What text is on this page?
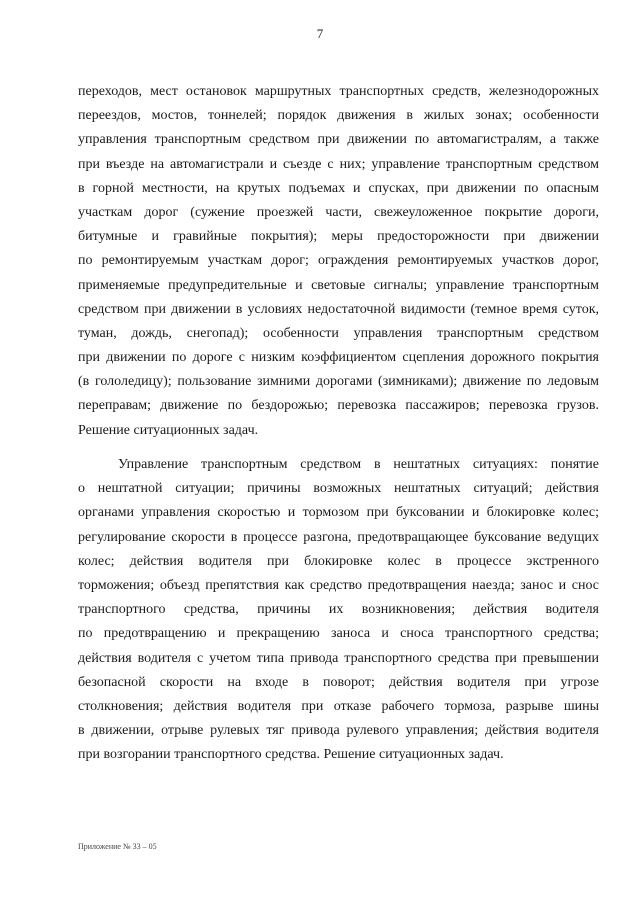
7

переходов, мест остановок маршрутных транспортных средств, железнодорожных
переездов, мостов, тоннелей; порядок движения в жилых зонах; особенности
управления транспортным средством при движении по автомагистралям, а также
при въезде на автомагистрали и съезде с них; управление транспортным средством
в горной местности, на крутых подъемах и спусках, при движении по опасным
участкам дорог (сужение проезжей части, свежеуложенное покрытие дороги,
битумные и гравийные покрытия); меры предосторожности при движении
по ремонтируемым участкам дорог; ограждения ремонтируемых участков дорог,
применяемые предупредительные и световые сигналы; управление транспортным
средством при движении в условиях недостаточной видимости (темное время суток,
туман, дождь, снегопад); особенности управления транспортным средством
при движении по дороге с низким коэффициентом сцепления дорожного покрытия
(в гололедицу); пользование зимними дорогами (зимниками); движение по ледовым
переправам; движение по бездорожью; перевозка пассажиров; перевозка грузов.
Решение ситуационных задач.

Управление транспортным средством в нештатных ситуациях: понятие
о нештатной ситуации; причины возможных нештатных ситуаций; действия
органами управления скоростью и тормозом при буксовании и блокировке колес;
регулирование скорости в процессе разгона, предотвращающее буксование ведущих
колес; действия водителя при блокировке колес в процессе экстренного
торможения; объезд препятствия как средство предотвращения наезда; занос и снос
транспортного средства, причины их возникновения; действия водителя
по предотвращению и прекращению заноса и сноса транспортного средства;
действия водителя с учетом типа привода транспортного средства при превышении
безопасной скорости на входе в поворот; действия водителя при угрозе
столкновения; действия водителя при отказе рабочего тормоза, разрыве шины
в движении, отрыве рулевых тяг привода рулевого управления; действия водителя
при возгорании транспортного средства. Решение ситуационных задач.

Приложение № 33 – 05
